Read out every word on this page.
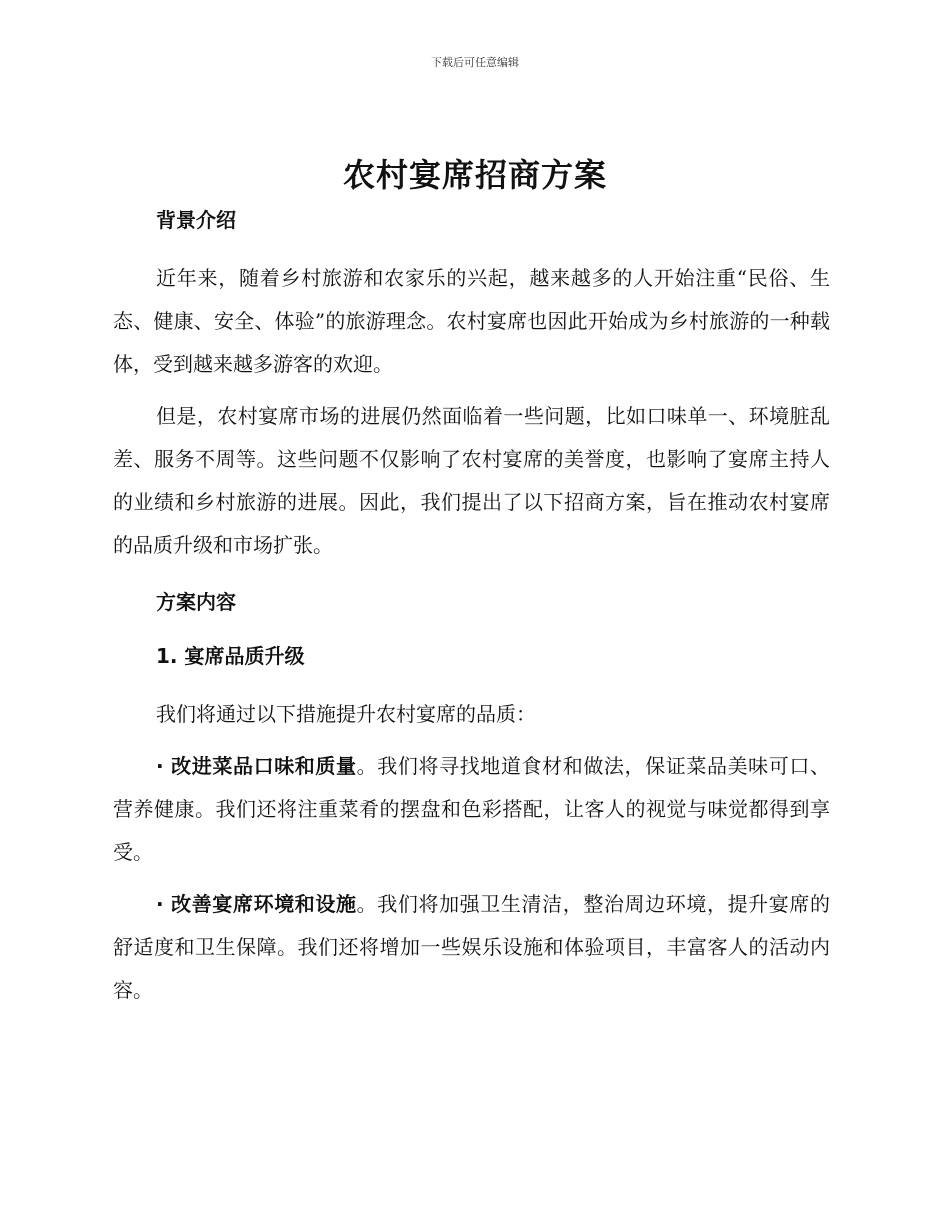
下载后可任意编辑
农村宴席招商方案

背景介绍

近年来，随着乡村旅游和农家乐的兴起，越来越多的人开始注重“民俗、生态、健康、安全、体验”的旅游理念。农村宴席也因此开始成为乡村旅游的一种载体，受到越来越多游客的欢迎。

但是，农村宴席市场的进展仍然面临着一些问题，比如口味单一、环境脏乱差、服务不周等。这些问题不仅影响了农村宴席的美誉度，也影响了宴席主持人的业绩和乡村旅游的进展。因此，我们提出了以下招商方案，旨在推动农村宴席的品质升级和市场扩张。

方案内容

1. 宴席品质升级

我们将通过以下措施提升农村宴席的品质：

· 改进菜品口味和质量。我们将寻找地道食材和做法，保证菜品美味可口、营养健康。我们还将注重菜肴的摆盘和色彩搭配，让客人的视觉与味觉都得到享受。

· 改善宴席环境和设施。我们将加强卫生清洁，整治周边环境，提升宴席的舒适度和卫生保障。我们还将增加一些娱乐设施和体验项目，丰富客人的活动内容。
